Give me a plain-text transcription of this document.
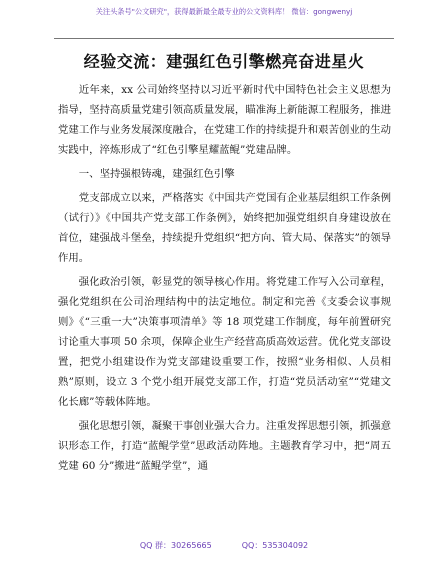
关注头条号"公文研究"，获得最新最全最专业的公文资料库！ 微信：gongwenyj
经验交流：建强红色引擎燃亮奋进星火

近年来，xx 公司始终坚持以习近平新时代中国特色社会主义思想为指导，坚持高质量党建引领高质量发展，瞄准海上新能源工程服务，推进党建工作与业务发展深度融合，在党建工作的持续提升和艰苦创业的生动实践中，淬炼形成了“红色引擎星耀蓝鲲”党建品牌。

一、坚持强根铸魂，建强红色引擎

党支部成立以来，严格落实《中国共产党国有企业基层组织工作条例（试行）》《中国共产党支部工作条例》，始终把加强党组织自身建设放在首位，建强战斗堡垒，持续提升党组织“把方向、管大局、保落实”的领导作用。

强化政治引领，彰显党的领导核心作用。将党建工作写入公司章程，强化党组织在公司治理结构中的法定地位。制定和完善《支委会议事规则》《“三重一大”决策事项清单》等 18 项党建工作制度，每年前置研究讨论重大事项 50 余项，保障企业生产经营高质高效运营。优化党支部设置，把党小组建设作为党支部建设重要工作，按照“业务相似、人员相熟”原则，设立 3 个党小组开展党支部工作，打造“党员活动室”“党建文化长廊”等载体阵地。

强化思想引领，凝聚干事创业强大合力。注重发挥思想引领，抓强意识形态工作，打造“蓝鲲学堂”思政活动阵地。主题教育学习中，把“周五党建 60 分”搬进“蓝鲲学堂”，通

QQ 群：30265665	QQ：535304092
